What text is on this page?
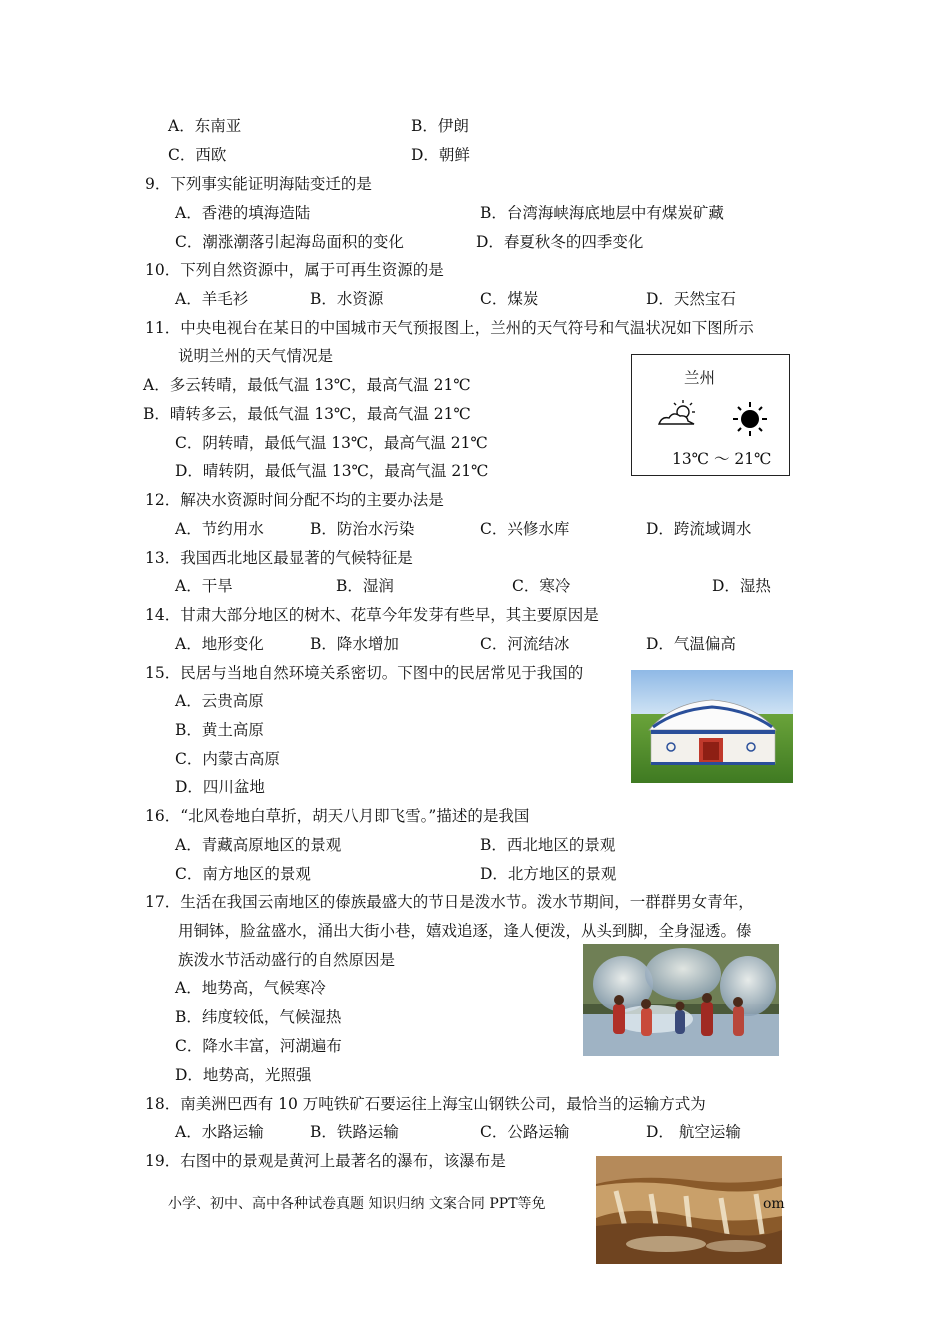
A．东南亚	B．伊朗
C．西欧	D．朝鲜
9．下列事实能证明海陆变迁的是
A．香港的填海造陆	B．台湾海峡海底地层中有煤炭矿藏
C．潮涨潮落引起海岛面积的变化	D．春夏秋冬的四季变化
10．下列自然资源中，属于可再生资源的是
A．羊毛衫	B．水资源	C．煤炭	D．天然宝石
11．中央电视台在某日的中国城市天气预报图上，兰州的天气符号和气温状况如下图所示
说明兰州的天气情况是
A．多云转晴，最低气温 13℃，最高气温 21℃
B．晴转多云，最低气温 13℃，最高气温 21℃
C．阴转晴，最低气温 13℃，最高气温 21℃
D．晴转阴，最低气温 13℃，最高气温 21℃
兰州
13℃ ～ 21℃
12．解决水资源时间分配不均的主要办法是
A．节约用水	B．防治水污染	C．兴修水库	D．跨流域调水
13．我国西北地区最显著的气候特征是
A．干旱	B．湿润	C．寒冷	D．湿热
14．甘肃大部分地区的树木、花草今年发芽有些早，其主要原因是
A．地形变化	B．降水增加	C．河流结冰	D．气温偏高
15．民居与当地自然环境关系密切。下图中的民居常见于我国的
A．云贵高原
B．黄土高原
C．内蒙古高原
D．四川盆地
16．“北风卷地白草折，胡天八月即飞雪。”描述的是我国
A．青藏高原地区的景观	B．西北地区的景观
C．南方地区的景观	D．北方地区的景观
17．生活在我国云南地区的傣族最盛大的节日是泼水节。泼水节期间，一群群男女青年，
用铜钵，脸盆盛水，涌出大街小巷，嬉戏追逐，逢人便泼，从头到脚，全身湿透。傣
族泼水节活动盛行的自然原因是
A．地势高，气候寒冷
B．纬度较低，气候湿热
C．降水丰富，河湖遍布
D．地势高，光照强
18．南美洲巴西有 10 万吨铁矿石要运往上海宝山钢铁公司，最恰当的运输方式为
A．水路运输	B．铁路运输	C．公路运输	D． 航空运输
19．右图中的景观是黄河上最著名的瀑布，该瀑布是
小学、初中、高中各种试卷真题 知识归纳 文案合同 PPT等免	om
